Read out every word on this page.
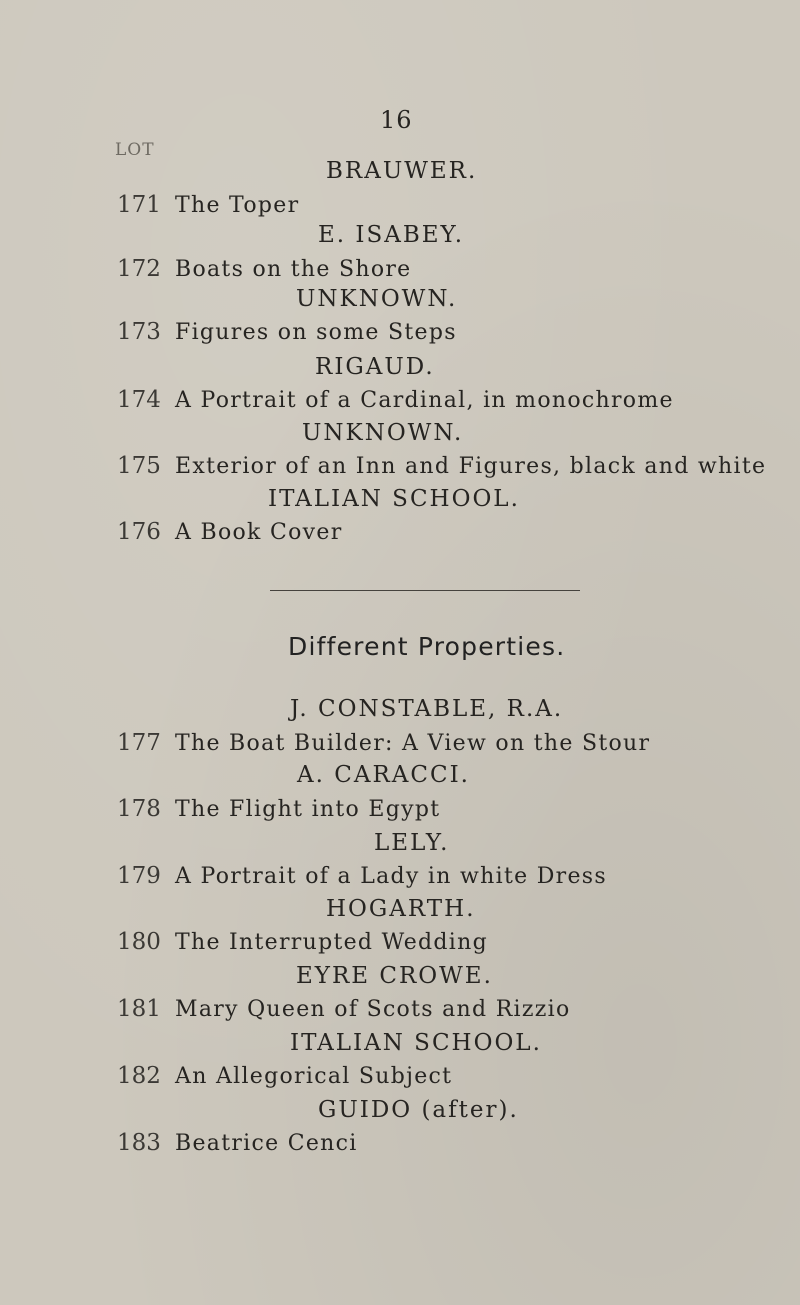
16
LOT
BRAUWER.
171 The Toper
E. ISABEY.
172 Boats on the Shore
UNKNOWN.
173 Figures on some Steps
RIGAUD.
174 A Portrait of a Cardinal, in monochrome
UNKNOWN.
175 Exterior of an Inn and Figures, black and white
ITALIAN SCHOOL.
176 A Book Cover
Different Properties.
J. CONSTABLE, R.A.
177 The Boat Builder: A View on the Stour
A. CARACCI.
178 The Flight into Egypt
LELY.
179 A Portrait of a Lady in white Dress
HOGARTH.
180 The Interrupted Wedding
EYRE CROWE.
181 Mary Queen of Scots and Rizzio
ITALIAN SCHOOL.
182 An Allegorical Subject
GUIDO (after).
183 Beatrice Cenci
